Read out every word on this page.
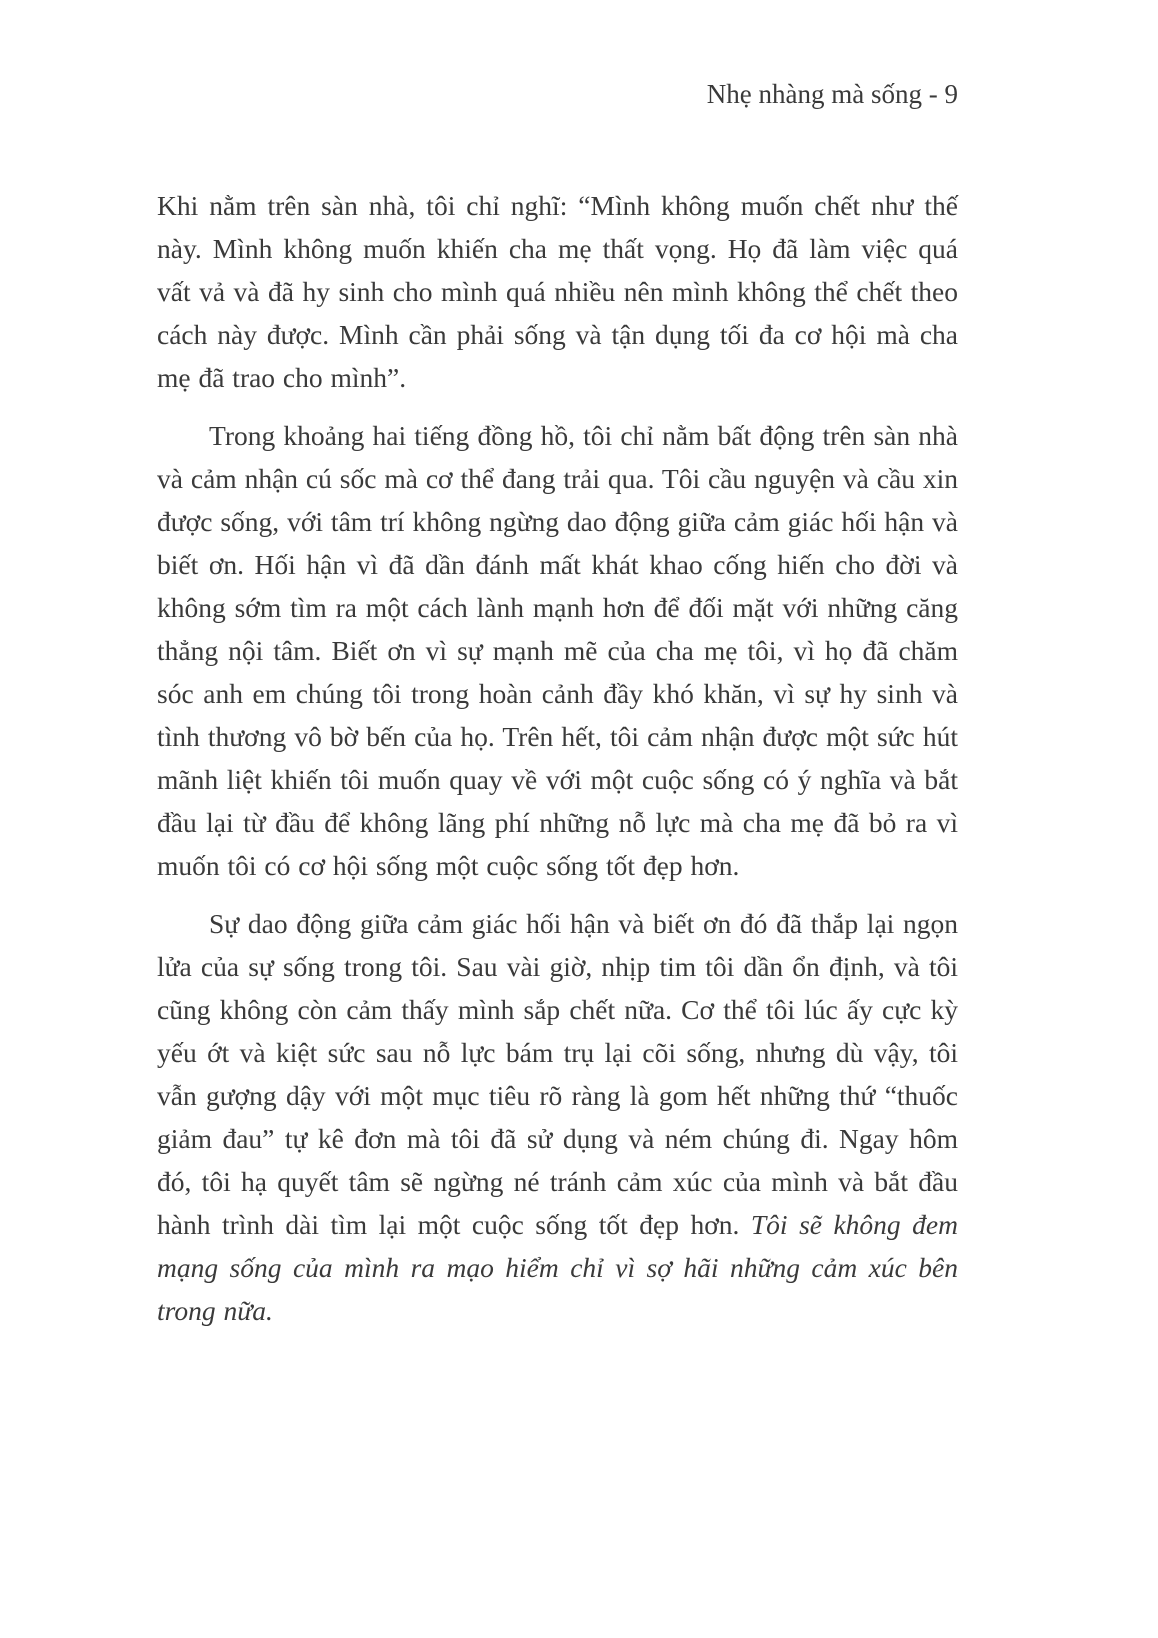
Nhẹ nhàng mà sống - 9

Khi nằm trên sàn nhà, tôi chỉ nghĩ: “Mình không muốn chết như thế này. Mình không muốn khiến cha mẹ thất vọng. Họ đã làm việc quá vất vả và đã hy sinh cho mình quá nhiều nên mình không thể chết theo cách này được. Mình cần phải sống và tận dụng tối đa cơ hội mà cha mẹ đã trao cho mình”.

Trong khoảng hai tiếng đồng hồ, tôi chỉ nằm bất động trên sàn nhà và cảm nhận cú sốc mà cơ thể đang trải qua. Tôi cầu nguyện và cầu xin được sống, với tâm trí không ngừng dao động giữa cảm giác hối hận và biết ơn. Hối hận vì đã dần đánh mất khát khao cống hiến cho đời và không sớm tìm ra một cách lành mạnh hơn để đối mặt với những căng thẳng nội tâm. Biết ơn vì sự mạnh mẽ của cha mẹ tôi, vì họ đã chăm sóc anh em chúng tôi trong hoàn cảnh đầy khó khăn, vì sự hy sinh và tình thương vô bờ bến của họ. Trên hết, tôi cảm nhận được một sức hút mãnh liệt khiến tôi muốn quay về với một cuộc sống có ý nghĩa và bắt đầu lại từ đầu để không lãng phí những nỗ lực mà cha mẹ đã bỏ ra vì muốn tôi có cơ hội sống một cuộc sống tốt đẹp hơn.

Sự dao động giữa cảm giác hối hận và biết ơn đó đã thắp lại ngọn lửa của sự sống trong tôi. Sau vài giờ, nhịp tim tôi dần ổn định, và tôi cũng không còn cảm thấy mình sắp chết nữa. Cơ thể tôi lúc ấy cực kỳ yếu ớt và kiệt sức sau nỗ lực bám trụ lại cõi sống, nhưng dù vậy, tôi vẫn gượng dậy với một mục tiêu rõ ràng là gom hết những thứ “thuốc giảm đau” tự kê đơn mà tôi đã sử dụng và ném chúng đi. Ngay hôm đó, tôi hạ quyết tâm sẽ ngừng né tránh cảm xúc của mình và bắt đầu hành trình dài tìm lại một cuộc sống tốt đẹp hơn. Tôi sẽ không đem mạng sống của mình ra mạo hiểm chỉ vì sợ hãi những cảm xúc bên trong nữa.
